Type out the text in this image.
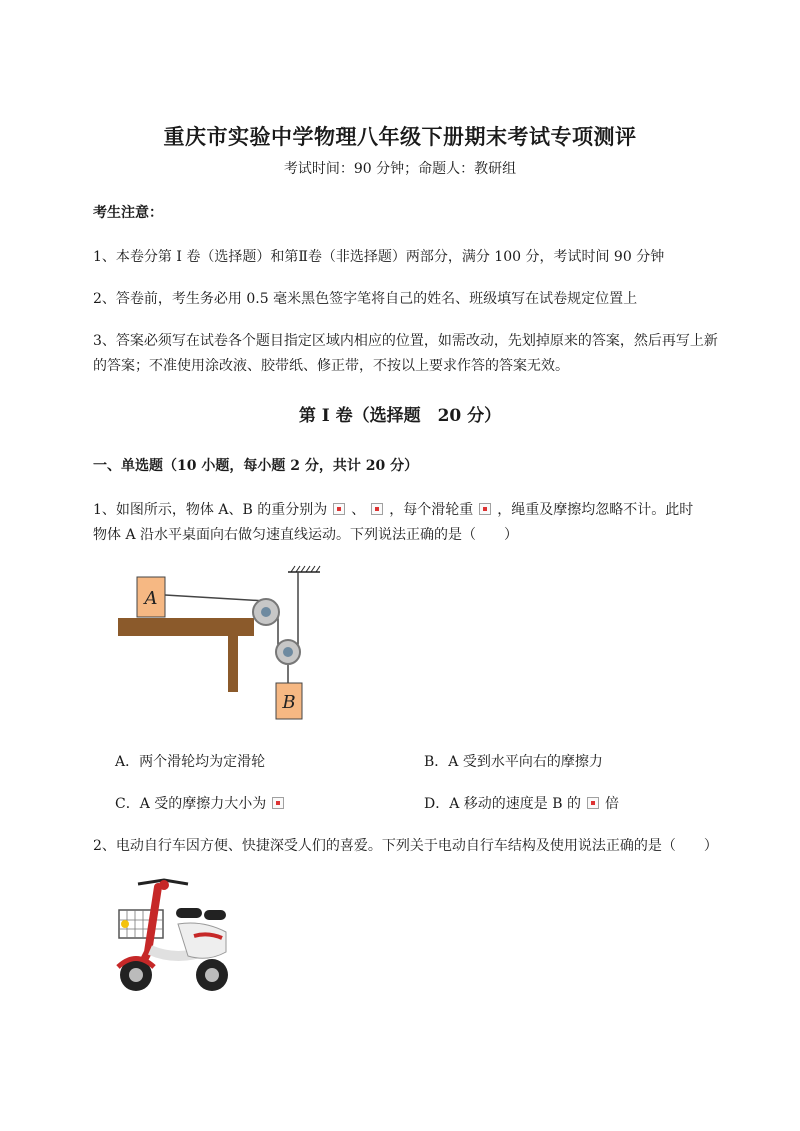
重庆市实验中学物理八年级下册期末考试专项测评
考试时间：90 分钟；命题人：教研组
考生注意：
1、本卷分第 I 卷（选择题）和第Ⅱ卷（非选择题）两部分，满分 100 分，考试时间 90 分钟
2、答卷前，考生务必用 0.5 毫米黑色签字笔将自己的姓名、班级填写在试卷规定位置上
3、答案必须写在试卷各个题目指定区域内相应的位置，如需改动，先划掉原来的答案，然后再写上新
的答案；不准使用涂改液、胶带纸、修正带，不按以上要求作答的答案无效。
第 I 卷（选择题　20 分）
一、单选题（10 小题，每小题 2 分，共计 20 分）
1、如图所示，物体 A、B 的重分别为 、 ，每个滑轮重 ，绳重及摩擦均忽略不计。此时
物体 A 沿水平桌面向右做匀速直线运动。下列说法正确的是（　　）
A
B
A．两个滑轮均为定滑轮	B．A 受到水平向右的摩擦力
C．A 受的摩擦力大小为	D．A 移动的速度是 B 的 倍
2、电动自行车因方便、快捷深受人们的喜爱。下列关于电动自行车结构及使用说法正确的是（　　）
